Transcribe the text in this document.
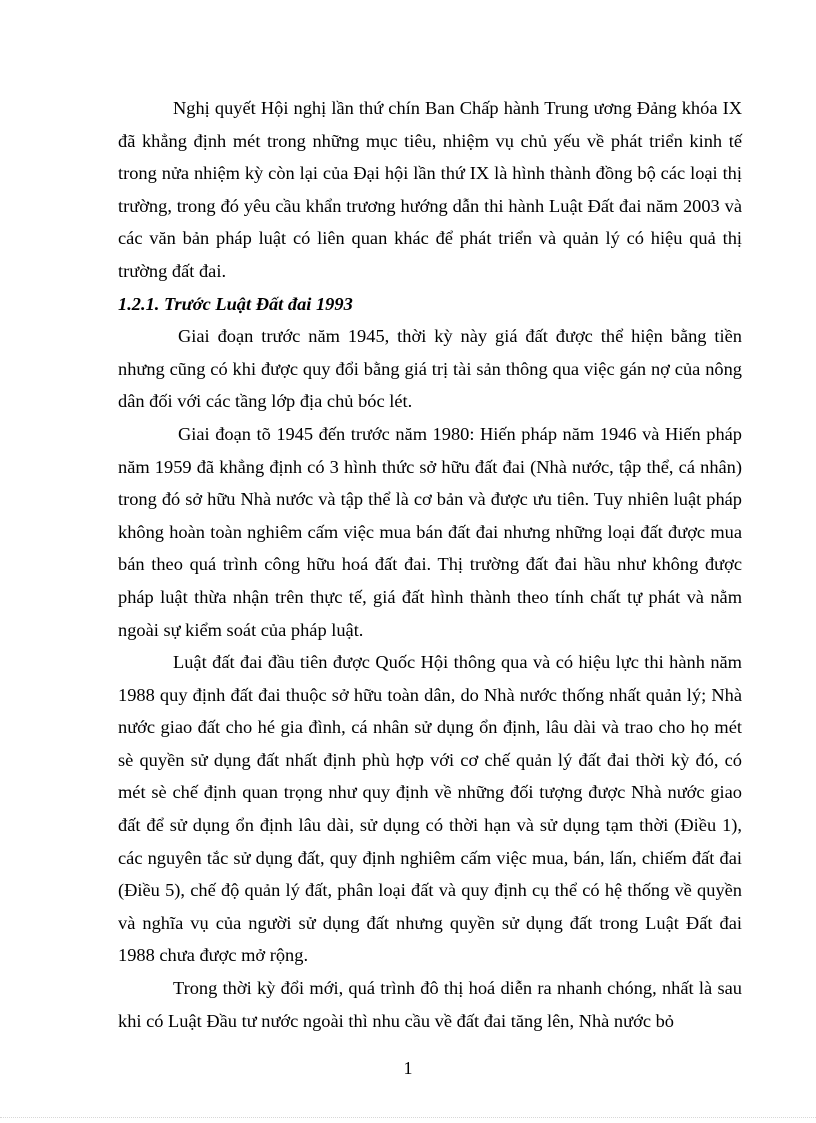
Nghị quyết Hội nghị lần thứ chín Ban Chấp hành Trung ương Đảng khóa IX đã khẳng định mét trong những mục tiêu, nhiệm vụ chủ yếu về phát triển kinh tế trong nửa nhiệm kỳ còn lại của Đại hội lần thứ IX là hình thành đồng bộ các loại thị trường, trong đó yêu cầu khẩn trương hướng dẫn thi hành Luật Đất đai năm 2003 và các văn bản pháp luật có liên quan khác để phát triển và quản lý có hiệu quả thị trường đất đai.

1.2.1. Trước Luật Đất đai 1993

Giai đoạn trước năm 1945, thời kỳ này giá đất được thể hiện bằng tiền nhưng cũng có khi được quy đổi bằng giá trị tài sản thông qua việc gán nợ của nông dân đối với các tầng lớp địa chủ bóc lét.

Giai đoạn tõ 1945 đến trước năm 1980: Hiến pháp năm 1946 và Hiến pháp năm 1959 đã khẳng định có 3 hình thức sở hữu đất đai (Nhà nước, tập thể, cá nhân) trong đó sở hữu Nhà nước và tập thể là cơ bản và được ưu tiên. Tuy nhiên luật pháp không hoàn toàn nghiêm cấm việc mua bán đất đai nhưng những loại đất được mua bán theo quá trình công hữu hoá đất đai. Thị trường đất đai hầu như không được pháp luật thừa nhận trên thực tế, giá đất hình thành theo tính chất tự phát và nằm ngoài sự kiểm soát của pháp luật.

Luật đất đai đầu tiên được Quốc Hội thông qua và có hiệu lực thi hành năm 1988 quy định đất đai thuộc sở hữu toàn dân, do Nhà nước thống nhất quản lý; Nhà nước giao đất cho hé gia đình, cá nhân sử dụng ổn định, lâu dài và trao cho họ mét sè quyền sử dụng đất nhất định phù hợp với cơ chế quản lý đất đai thời kỳ đó, có mét sè chế định quan trọng như quy định về những đối tượng được Nhà nước giao đất để sử dụng ổn định lâu dài, sử dụng có thời hạn và sử dụng tạm thời (Điều 1), các nguyên tắc sử dụng đất, quy định nghiêm cấm việc mua, bán, lấn, chiếm đất đai (Điều 5), chế độ quản lý đất, phân loại đất và quy định cụ thể có hệ thống về quyền và nghĩa vụ của người sử dụng đất nhưng quyền sử dụng đất trong Luật Đất đai 1988 chưa được mở rộng.

Trong thời kỳ đổi mới, quá trình đô thị hoá diễn ra nhanh chóng, nhất là sau khi có Luật Đầu tư nước ngoài thì nhu cầu về đất đai tăng lên, Nhà nước bỏ

1
